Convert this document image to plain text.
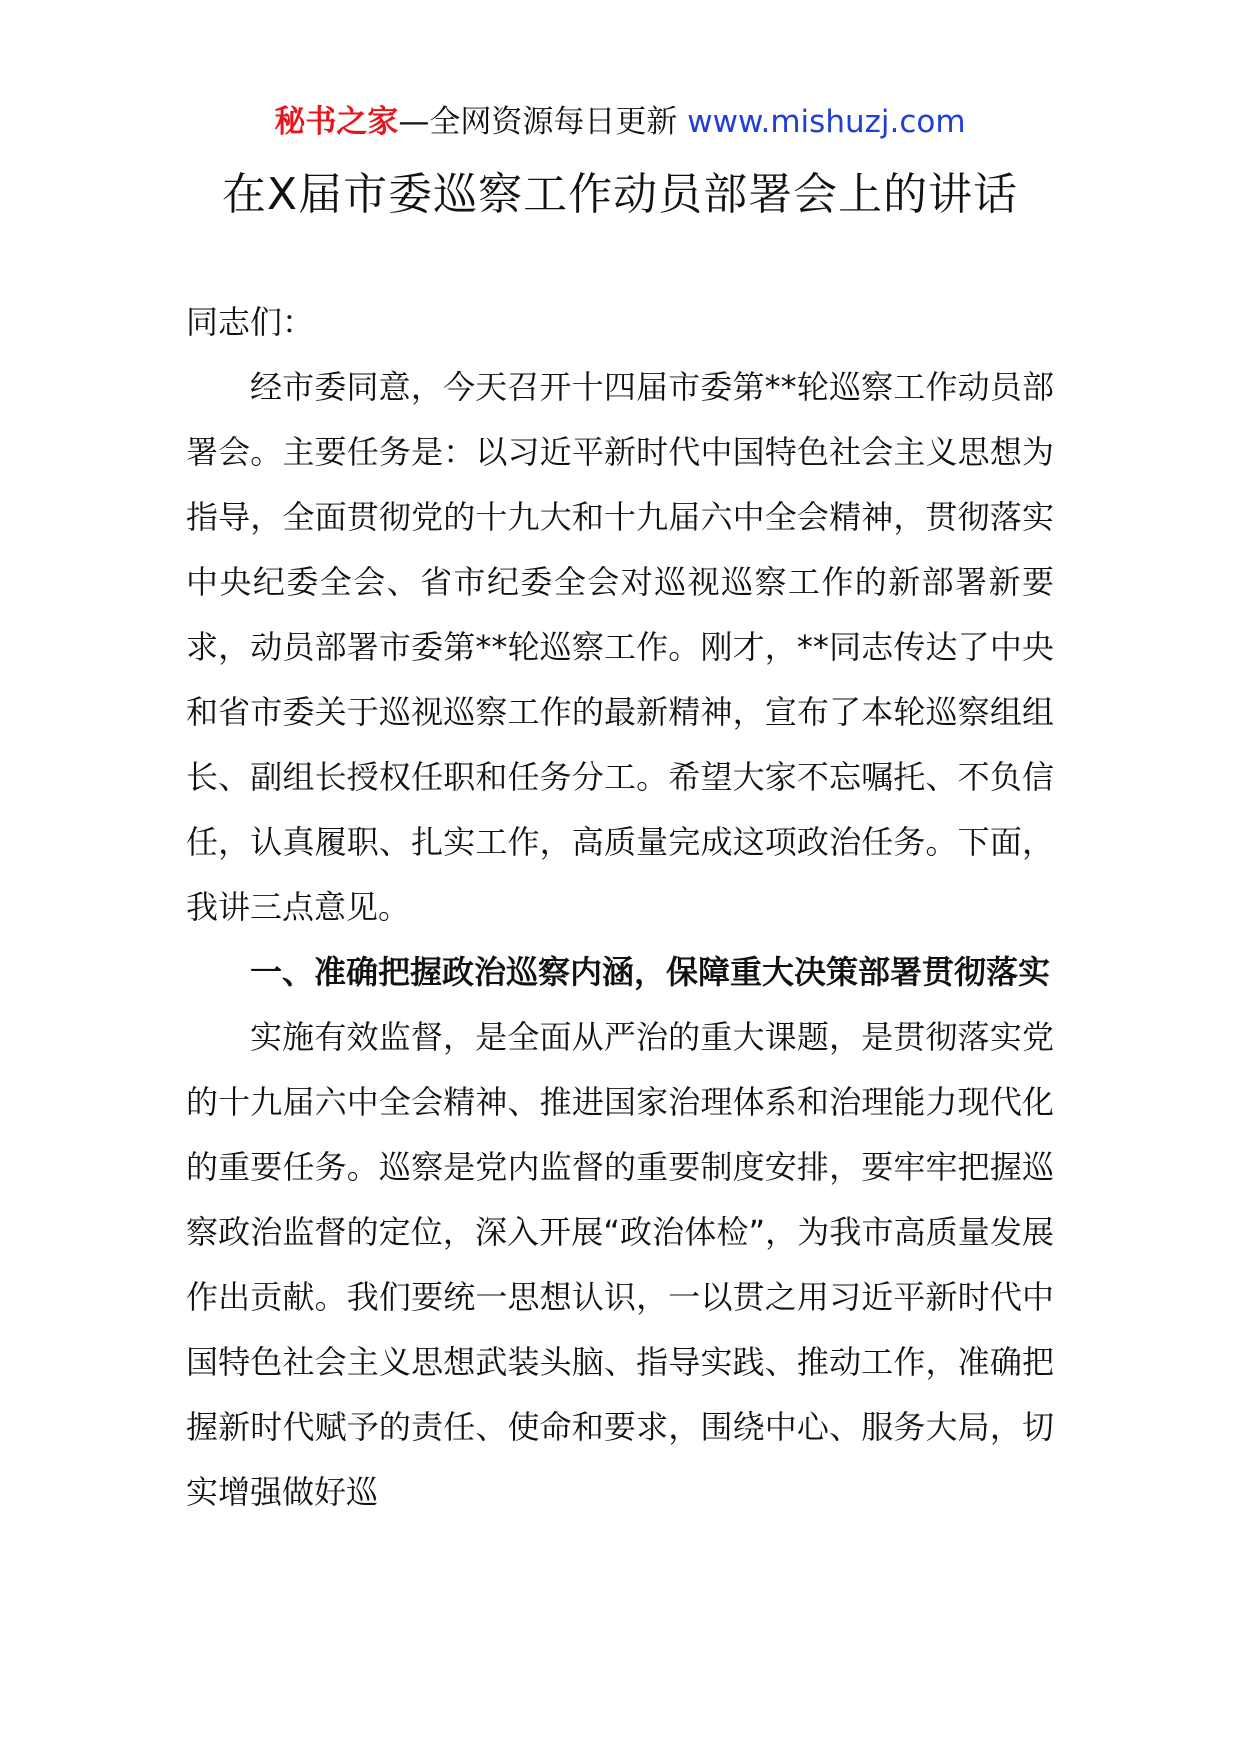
秘书之家—全网资源每日更新 www.mishuzj.com
在X届市委巡察工作动员部署会上的讲话

同志们：

经市委同意，今天召开十四届市委第**轮巡察工作动员部署会。主要任务是：以习近平新时代中国特色社会主义思想为指导，全面贯彻党的十九大和十九届六中全会精神，贯彻落实中央纪委全会、省市纪委全会对巡视巡察工作的新部署新要求，动员部署市委第**轮巡察工作。刚才，**同志传达了中央和省市委关于巡视巡察工作的最新精神，宣布了本轮巡察组组长、副组长授权任职和任务分工。希望大家不忘嘱托、不负信任，认真履职、扎实工作，高质量完成这项政治任务。下面，我讲三点意见。

一、准确把握政治巡察内涵，保障重大决策部署贯彻落实

实施有效监督，是全面从严治的重大课题，是贯彻落实党的十九届六中全会精神、推进国家治理体系和治理能力现代化的重要任务。巡察是党内监督的重要制度安排，要牢牢把握巡察政治监督的定位，深入开展“政治体检”，为我市高质量发展作出贡献。我们要统一思想认识，一以贯之用习近平新时代中国特色社会主义思想武装头脑、指导实践、推动工作，准确把握新时代赋予的责任、使命和要求，围绕中心、服务大局，切实增强做好巡
